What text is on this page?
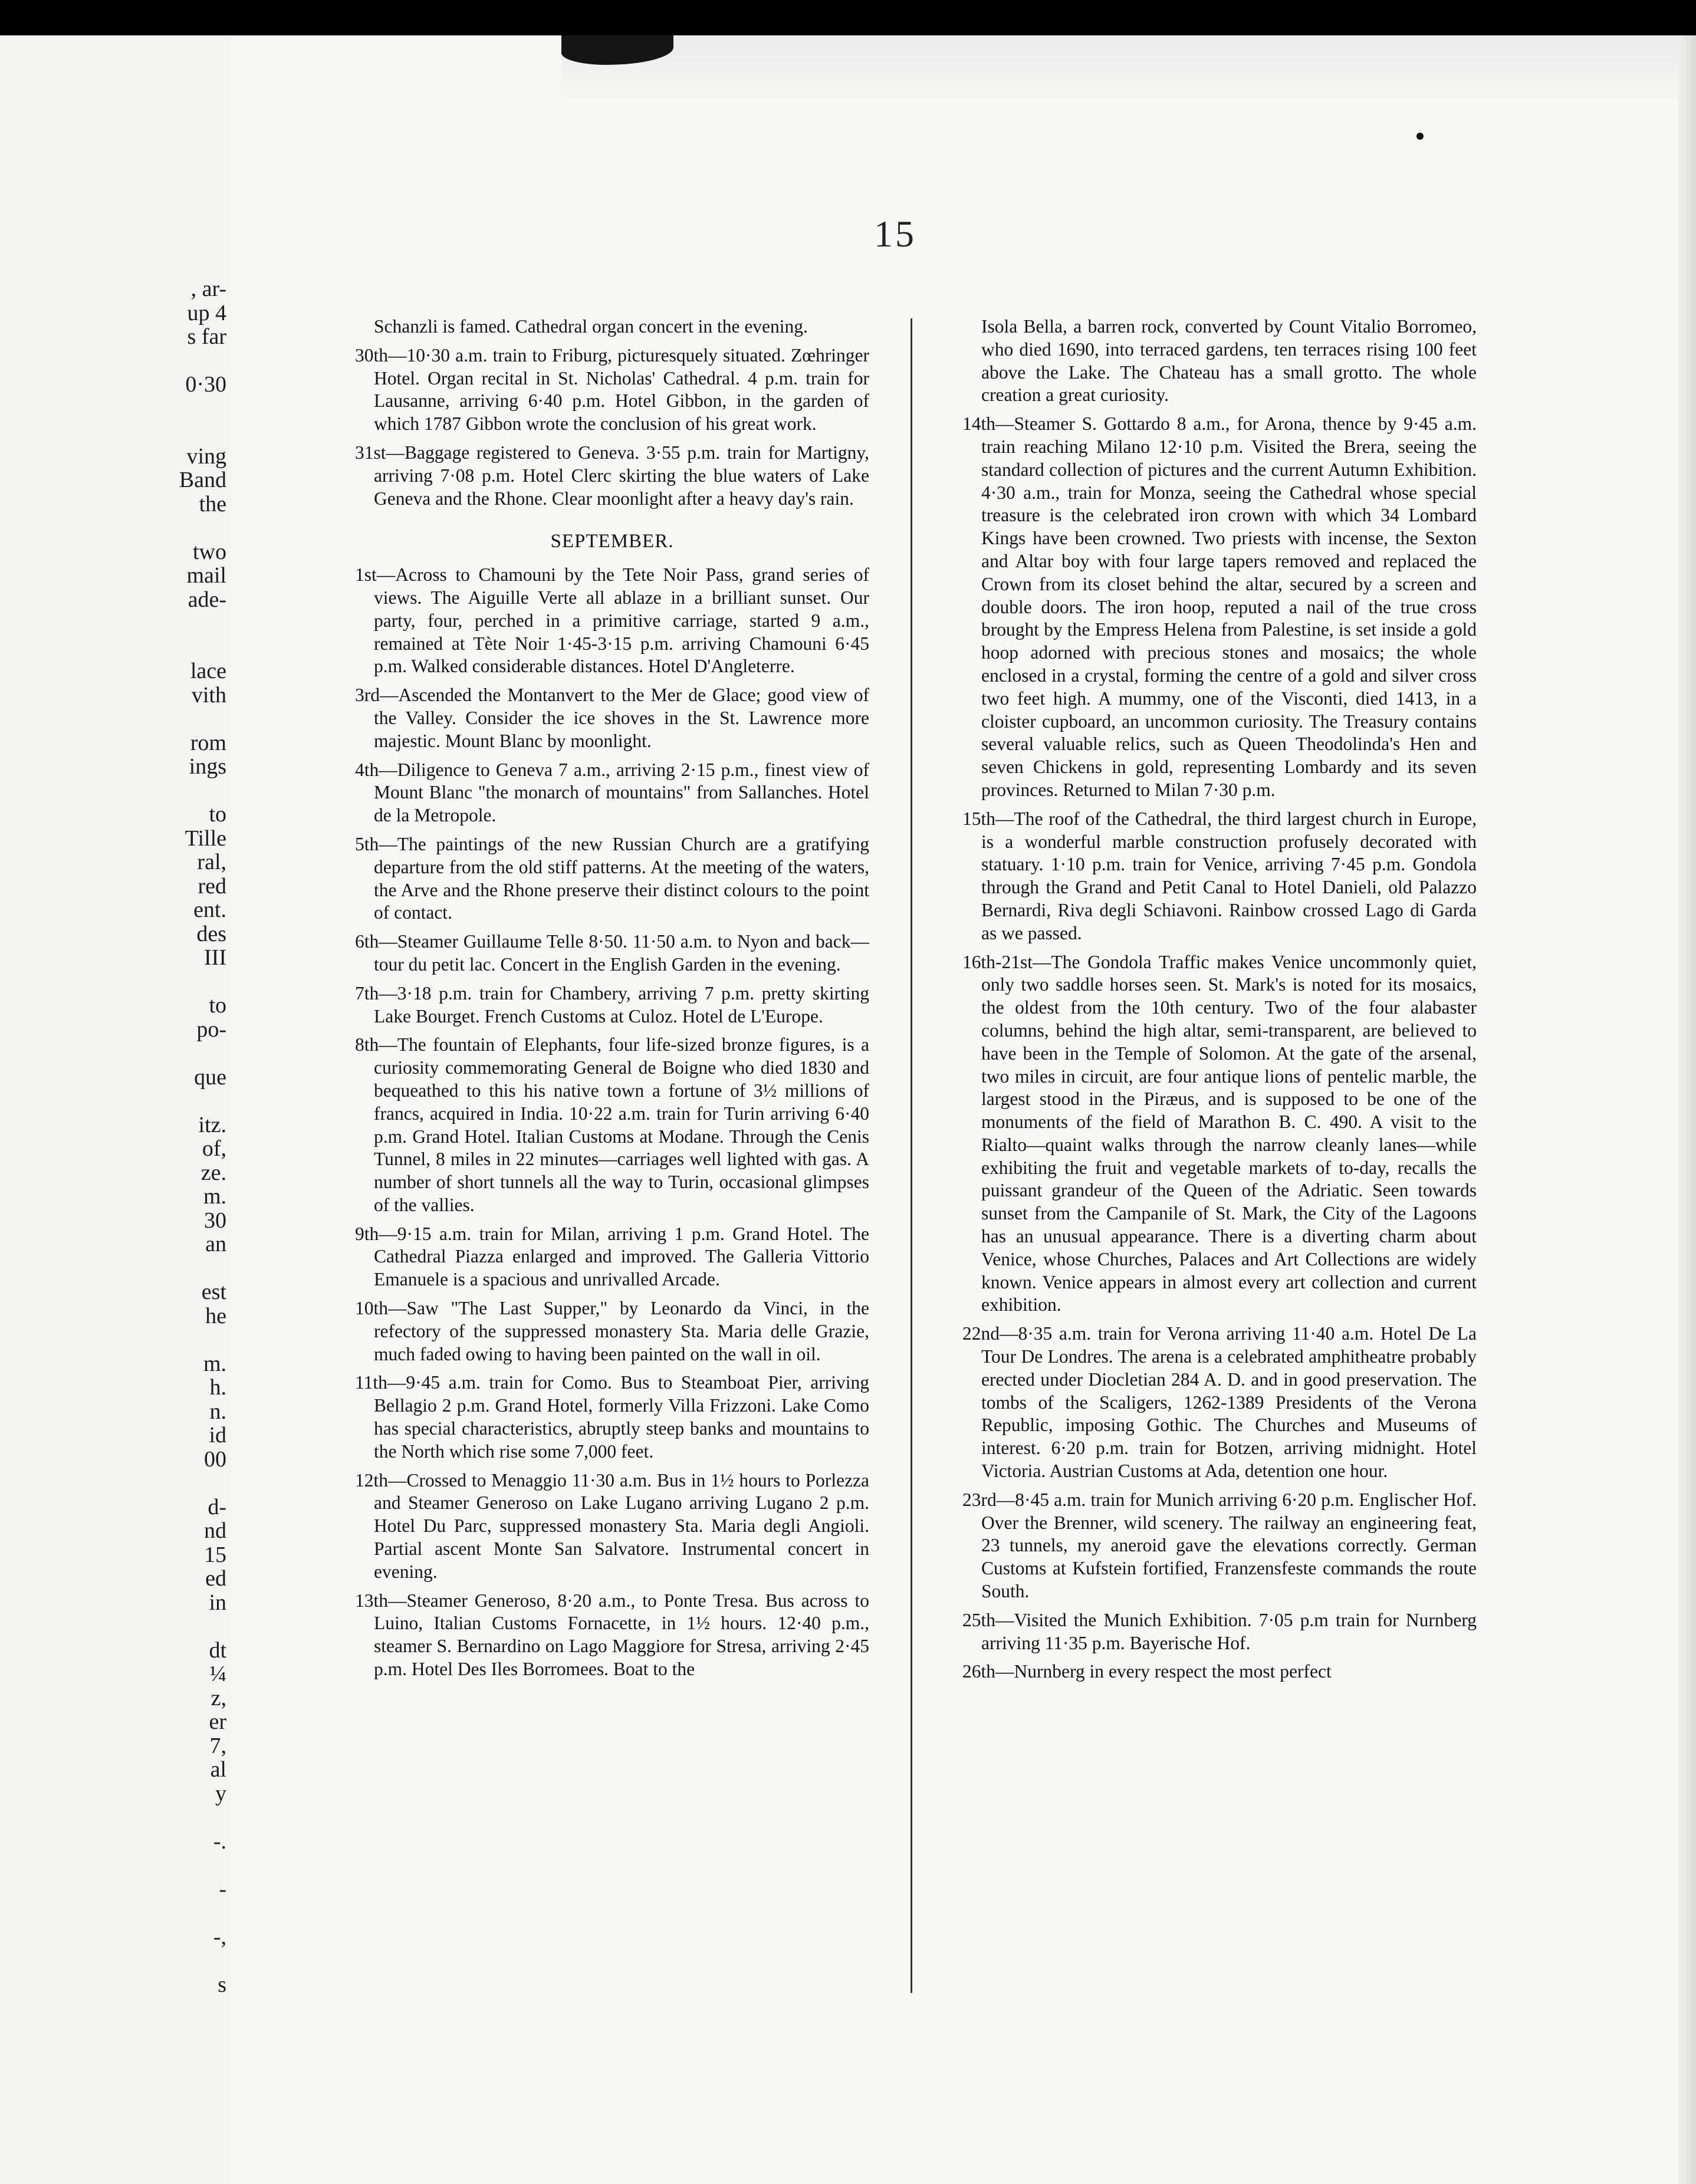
, ar-
up 4
s far
0·30
ving
Band
the
two
mail
ade-
lace
vith
rom
ings
to
Tille
ral,
red
ent.
des
III
to
po-
que
itz.
of,
ze.
m.
30
an
est
he
m.
h.
n.
id
00
d-
nd
15
ed
in
dt
¼
z,
er
7,
al
y
-.
-
-,
s
15

Schanzli is famed. Cathedral organ concert in the evening.

30th—10·30 a.m. train to Friburg, picturesquely situated. Zœhringer Hotel. Organ recital in St. Nicholas' Cathedral. 4 p.m. train for Lausanne, arriving 6·40 p.m. Hotel Gibbon, in the garden of which 1787 Gibbon wrote the conclusion of his great work.

31st—Baggage registered to Geneva. 3·55 p.m. train for Martigny, arriving 7·08 p.m. Hotel Clerc skirting the blue waters of Lake Geneva and the Rhone. Clear moonlight after a heavy day's rain.

SEPTEMBER.

1st—Across to Chamouni by the Tete Noir Pass, grand series of views. The Aiguille Verte all ablaze in a brilliant sunset. Our party, four, perched in a primitive carriage, started 9 a.m., remained at Tète Noir 1·45-3·15 p.m. arriving Chamouni 6·45 p.m. Walked considerable distances. Hotel D'Angleterre.

3rd—Ascended the Montanvert to the Mer de Glace; good view of the Valley. Consider the ice shoves in the St. Lawrence more majestic. Mount Blanc by moonlight.

4th—Diligence to Geneva 7 a.m., arriving 2·15 p.m., finest view of Mount Blanc "the monarch of mountains" from Sallanches. Hotel de la Metropole.

5th—The paintings of the new Russian Church are a gratifying departure from the old stiff patterns. At the meeting of the waters, the Arve and the Rhone preserve their distinct colours to the point of contact.

6th—Steamer Guillaume Telle 8·50. 11·50 a.m. to Nyon and back—tour du petit lac. Concert in the English Garden in the evening.

7th—3·18 p.m. train for Chambery, arriving 7 p.m. pretty skirting Lake Bourget. French Customs at Culoz. Hotel de L'Europe.

8th—The fountain of Elephants, four life-sized bronze figures, is a curiosity commemorating General de Boigne who died 1830 and bequeathed to this his native town a fortune of 3½ millions of francs, acquired in India. 10·22 a.m. train for Turin arriving 6·40 p.m. Grand Hotel. Italian Customs at Modane. Through the Cenis Tunnel, 8 miles in 22 minutes—carriages well lighted with gas. A number of short tunnels all the way to Turin, occasional glimpses of the vallies.

9th—9·15 a.m. train for Milan, arriving 1 p.m. Grand Hotel. The Cathedral Piazza enlarged and improved. The Galleria Vittorio Emanuele is a spacious and unrivalled Arcade.

10th—Saw "The Last Supper," by Leonardo da Vinci, in the refectory of the suppressed monastery Sta. Maria delle Grazie, much faded owing to having been painted on the wall in oil.

11th—9·45 a.m. train for Como. Bus to Steamboat Pier, arriving Bellagio 2 p.m. Grand Hotel, formerly Villa Frizzoni. Lake Como has special characteristics, abruptly steep banks and mountains to the North which rise some 7,000 feet.

12th—Crossed to Menaggio 11·30 a.m. Bus in 1½ hours to Porlezza and Steamer Generoso on Lake Lugano arriving Lugano 2 p.m. Hotel Du Parc, suppressed monastery Sta. Maria degli Angioli. Partial ascent Monte San Salvatore. Instrumental concert in evening.

13th—Steamer Generoso, 8·20 a.m., to Ponte Tresa. Bus across to Luino, Italian Customs Fornacette, in 1½ hours. 12·40 p.m., steamer S. Bernardino on Lago Maggiore for Stresa, arriving 2·45 p.m. Hotel Des Iles Borromees. Boat to the

Isola Bella, a barren rock, converted by Count Vitalio Borromeo, who died 1690, into terraced gardens, ten terraces rising 100 feet above the Lake. The Chateau has a small grotto. The whole creation a great curiosity.

14th—Steamer S. Gottardo 8 a.m., for Arona, thence by 9·45 a.m. train reaching Milano 12·10 p.m. Visited the Brera, seeing the standard collection of pictures and the current Autumn Exhibition. 4·30 a.m., train for Monza, seeing the Cathedral whose special treasure is the celebrated iron crown with which 34 Lombard Kings have been crowned. Two priests with incense, the Sexton and Altar boy with four large tapers removed and replaced the Crown from its closet behind the altar, secured by a screen and double doors. The iron hoop, reputed a nail of the true cross brought by the Empress Helena from Palestine, is set inside a gold hoop adorned with precious stones and mosaics; the whole enclosed in a crystal, forming the centre of a gold and silver cross two feet high. A mummy, one of the Visconti, died 1413, in a cloister cupboard, an uncommon curiosity. The Treasury contains several valuable relics, such as Queen Theodolinda's Hen and seven Chickens in gold, representing Lombardy and its seven provinces. Returned to Milan 7·30 p.m.

15th—The roof of the Cathedral, the third largest church in Europe, is a wonderful marble construction profusely decorated with statuary. 1·10 p.m. train for Venice, arriving 7·45 p.m. Gondola through the Grand and Petit Canal to Hotel Danieli, old Palazzo Bernardi, Riva degli Schiavoni. Rainbow crossed Lago di Garda as we passed.

16th-21st—The Gondola Traffic makes Venice uncommonly quiet, only two saddle horses seen. St. Mark's is noted for its mosaics, the oldest from the 10th century. Two of the four alabaster columns, behind the high altar, semi-transparent, are believed to have been in the Temple of Solomon. At the gate of the arsenal, two miles in circuit, are four antique lions of pentelic marble, the largest stood in the Piræus, and is supposed to be one of the monuments of the field of Marathon B. C. 490. A visit to the Rialto—quaint walks through the narrow cleanly lanes—while exhibiting the fruit and vegetable markets of to-day, recalls the puissant grandeur of the Queen of the Adriatic. Seen towards sunset from the Campanile of St. Mark, the City of the Lagoons has an unusual appearance. There is a diverting charm about Venice, whose Churches, Palaces and Art Collections are widely known. Venice appears in almost every art collection and current exhibition.

22nd—8·35 a.m. train for Verona arriving 11·40 a.m. Hotel De La Tour De Londres. The arena is a celebrated amphitheatre probably erected under Diocletian 284 A. D. and in good preservation. The tombs of the Scaligers, 1262-1389 Presidents of the Verona Republic, imposing Gothic. The Churches and Museums of interest. 6·20 p.m. train for Botzen, arriving midnight. Hotel Victoria. Austrian Customs at Ada, detention one hour.

23rd—8·45 a.m. train for Munich arriving 6·20 p.m. Englischer Hof. Over the Brenner, wild scenery. The railway an engineering feat, 23 tunnels, my aneroid gave the elevations correctly. German Customs at Kufstein fortified, Franzensfeste commands the route South.

25th—Visited the Munich Exhibition. 7·05 p.m train for Nurnberg arriving 11·35 p.m. Bayerische Hof.

26th—Nurnberg in every respect the most perfect
